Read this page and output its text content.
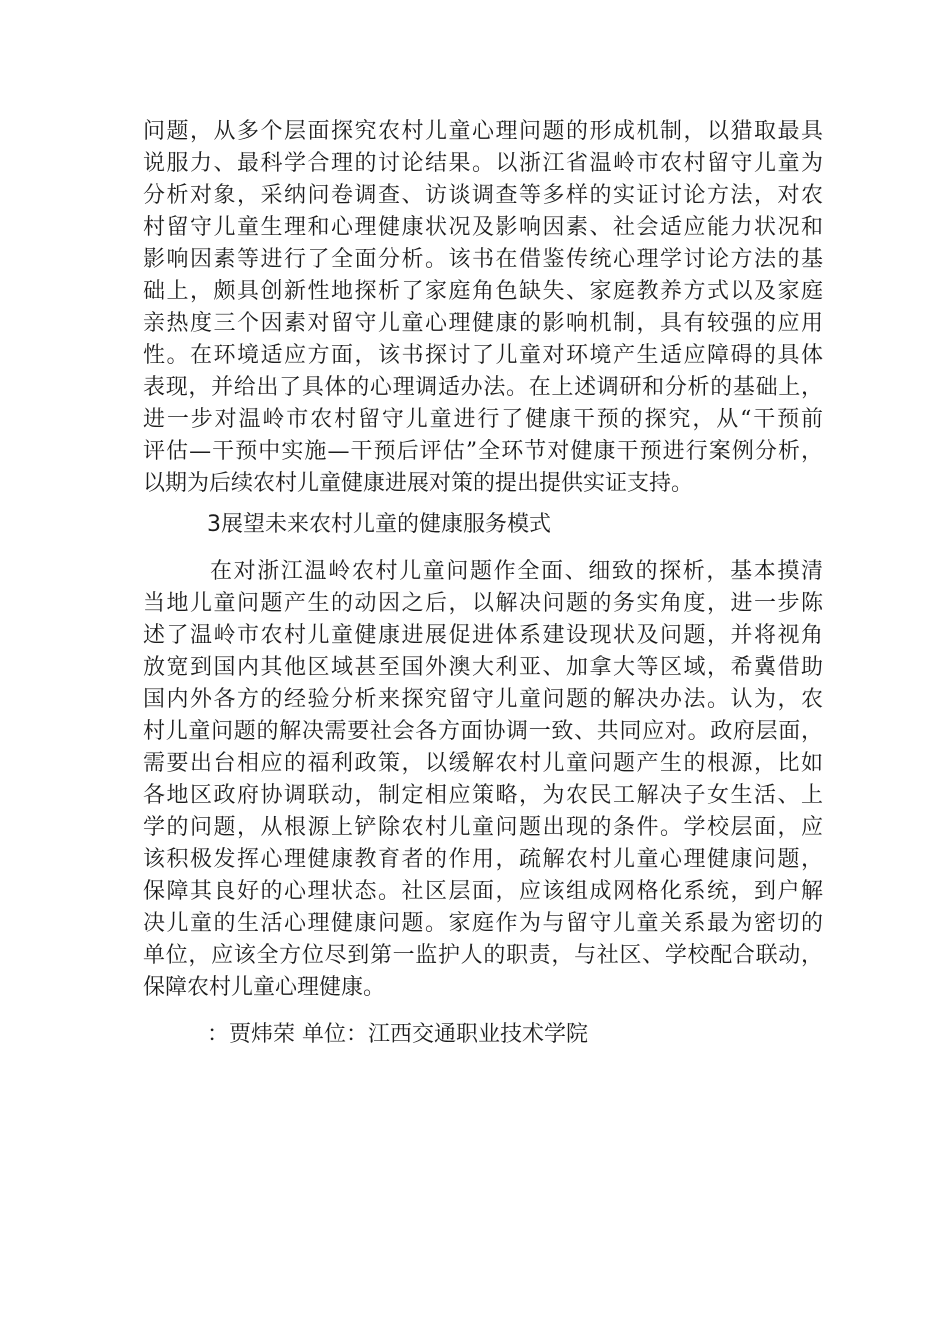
问题，从多个层面探究农村儿童心理问题的形成机制，以猎取最具

说服力、最科学合理的讨论结果。以浙江省温岭市农村留守儿童为

分析对象，采纳问卷调查、访谈调查等多样的实证讨论方法，对农

村留守儿童生理和心理健康状况及影响因素、社会适应能力状况和

影响因素等进行了全面分析。该书在借鉴传统心理学讨论方法的基

础上，颇具创新性地探析了家庭角色缺失、家庭教养方式以及家庭

亲热度三个因素对留守儿童心理健康的影响机制，具有较强的应用

性。在环境适应方面，该书探讨了儿童对环境产生适应障碍的具体

表现，并给出了具体的心理调适办法。在上述调研和分析的基础上，

进一步对温岭市农村留守儿童进行了健康干预的探究，从“干预前

评估—干预中实施—干预后评估”全环节对健康干预进行案例分析，

以期为后续农村儿童健康进展对策的提出提供实证支持。

3展望未来农村儿童的健康服务模式

在对浙江温岭农村儿童问题作全面、细致的探析，基本摸清

当地儿童问题产生的动因之后，以解决问题的务实角度，进一步陈

述了温岭市农村儿童健康进展促进体系建设现状及问题，并将视角

放宽到国内其他区域甚至国外澳大利亚、加拿大等区域，希冀借助

国内外各方的经验分析来探究留守儿童问题的解决办法。认为，农

村儿童问题的解决需要社会各方面协调一致、共同应对。政府层面，

需要出台相应的福利政策，以缓解农村儿童问题产生的根源，比如

各地区政府协调联动，制定相应策略，为农民工解决子女生活、上

学的问题，从根源上铲除农村儿童问题出现的条件。学校层面，应

该积极发挥心理健康教育者的作用，疏解农村儿童心理健康问题，

保障其良好的心理状态。社区层面，应该组成网格化系统，到户解

决儿童的生活心理健康问题。家庭作为与留守儿童关系最为密切的

单位，应该全方位尽到第一监护人的职责，与社区、学校配合联动，

保障农村儿童心理健康。

：贾炜荣 单位：江西交通职业技术学院
